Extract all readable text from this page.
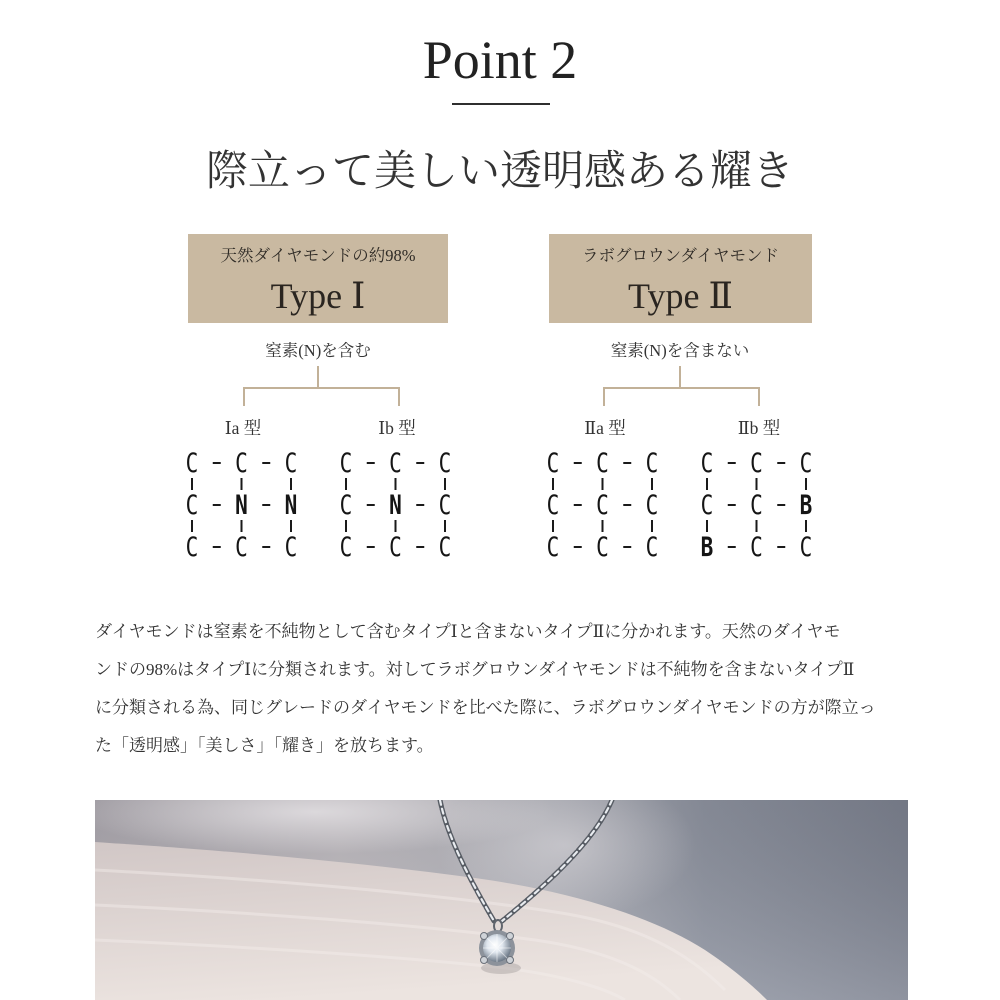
Point 2
際立って美しい透明感ある耀き
天然ダイヤモンドの約98%
Type Ⅰ
窒素(N)を含む
Ⅰa 型	Ⅰb 型
ラボグロウンダイヤモンド
Type Ⅱ
窒素(N)を含まない
Ⅱa 型	Ⅱb 型
C C C
C N N
C C C
C C C
C N C
C C C
C C C
C C C
C C C
C C C
C C B
B C C
ダイヤモンドは窒素を不純物として含むタイプⅠと含まないタイプⅡに分かれます。天然のダイヤモ
ンドの98%はタイプⅠに分類されます。対してラボグロウンダイヤモンドは不純物を含まないタイプⅡ
に分類される為、同じグレードのダイヤモンドを比べた際に、ラボグロウンダイヤモンドの方が際立っ
た「透明感」「美しさ」「耀き」を放ちます。
